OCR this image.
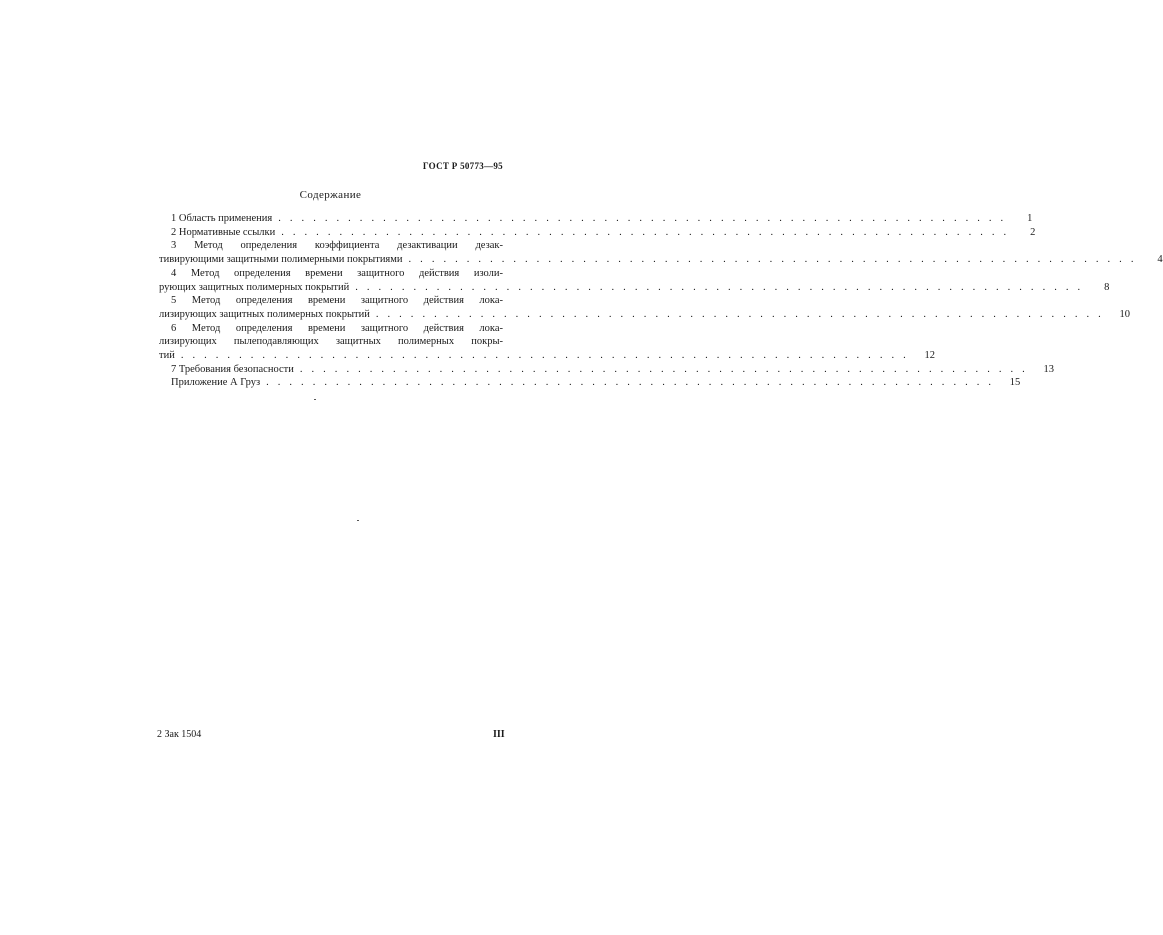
ГОСТ Р 50773—95
Содержание
1 Область применения . . .	1
2 Нормативные ссылки . . .	2
3 Метод определения коэффициента дезактивации дезак-
тивирующими защитными полимерными покрытиями . . .	4
4 Метод определения времени защитного действия изоли-
рующих защитных полимерных покрытий . . .	8
5 Метод определения времени защитного действия лока-
лизирующих защитных полимерных покрытий . . .	10
6 Метод определения времени защитного действия лока-
лизирующих пылеподавляющих защитных полимерных покры-
тий . . .	12
7 Требования безопасности . . .	13
Приложение А Груз . . .	15
2 Зак 1504	III
